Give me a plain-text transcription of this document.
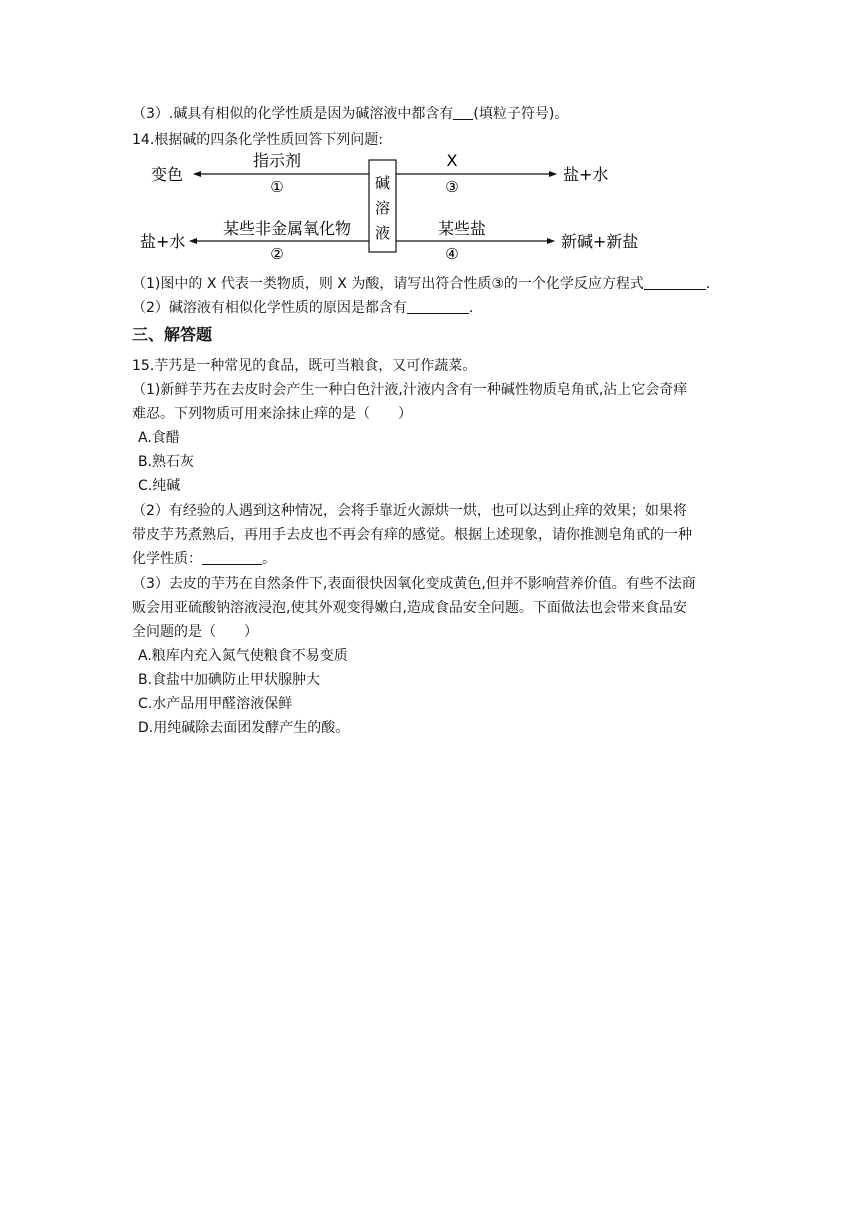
（3）.碱具有相似的化学性质是因为碱溶液中都含有 (填粒子符号)。
14.根据碱的四条化学性质回答下列问题:
碱
溶
液
指示剂
①
变色
X
③
盐+水
某些非金属氧化物
②
盐+水
某些盐
④
新碱+新盐
（1)图中的 X 代表一类物质，则 X 为酸，请写出符合性质③的一个化学反应方程式	.
（2）碱溶液有相似化学性质的原因是都含有	.
三、解答题
15.芋艿是一种常见的食品，既可当粮食，又可作蔬菜。
（1)新鲜芋艿在去皮时会产生一种白色汁液,汁液内含有一种碱性物质皂角甙,沾上它会奇痒
难忍。下列物质可用来涂抹止痒的是（　　）
A.食醋
B.熟石灰
C.纯碱
（2）有经验的人遇到这种情况，会将手靠近火源烘一烘，也可以达到止痒的效果；如果将
带皮芋艿煮熟后，再用手去皮也不再会有痒的感觉。根据上述现象，请你推测皂角甙的一种
化学性质：	。
（3）去皮的芋艿在自然条件下,表面很快因氧化变成黄色,但并不影响营养价值。有些不法商
贩会用亚硫酸钠溶液浸泡,使其外观变得嫩白,造成食品安全问题。下面做法也会带来食品安
全问题的是（　　）
A.粮库内充入氮气使粮食不易变质
B.食盐中加碘防止甲状腺肿大
C.水产品用甲醛溶液保鲜
D.用纯碱除去面团发酵产生的酸。
